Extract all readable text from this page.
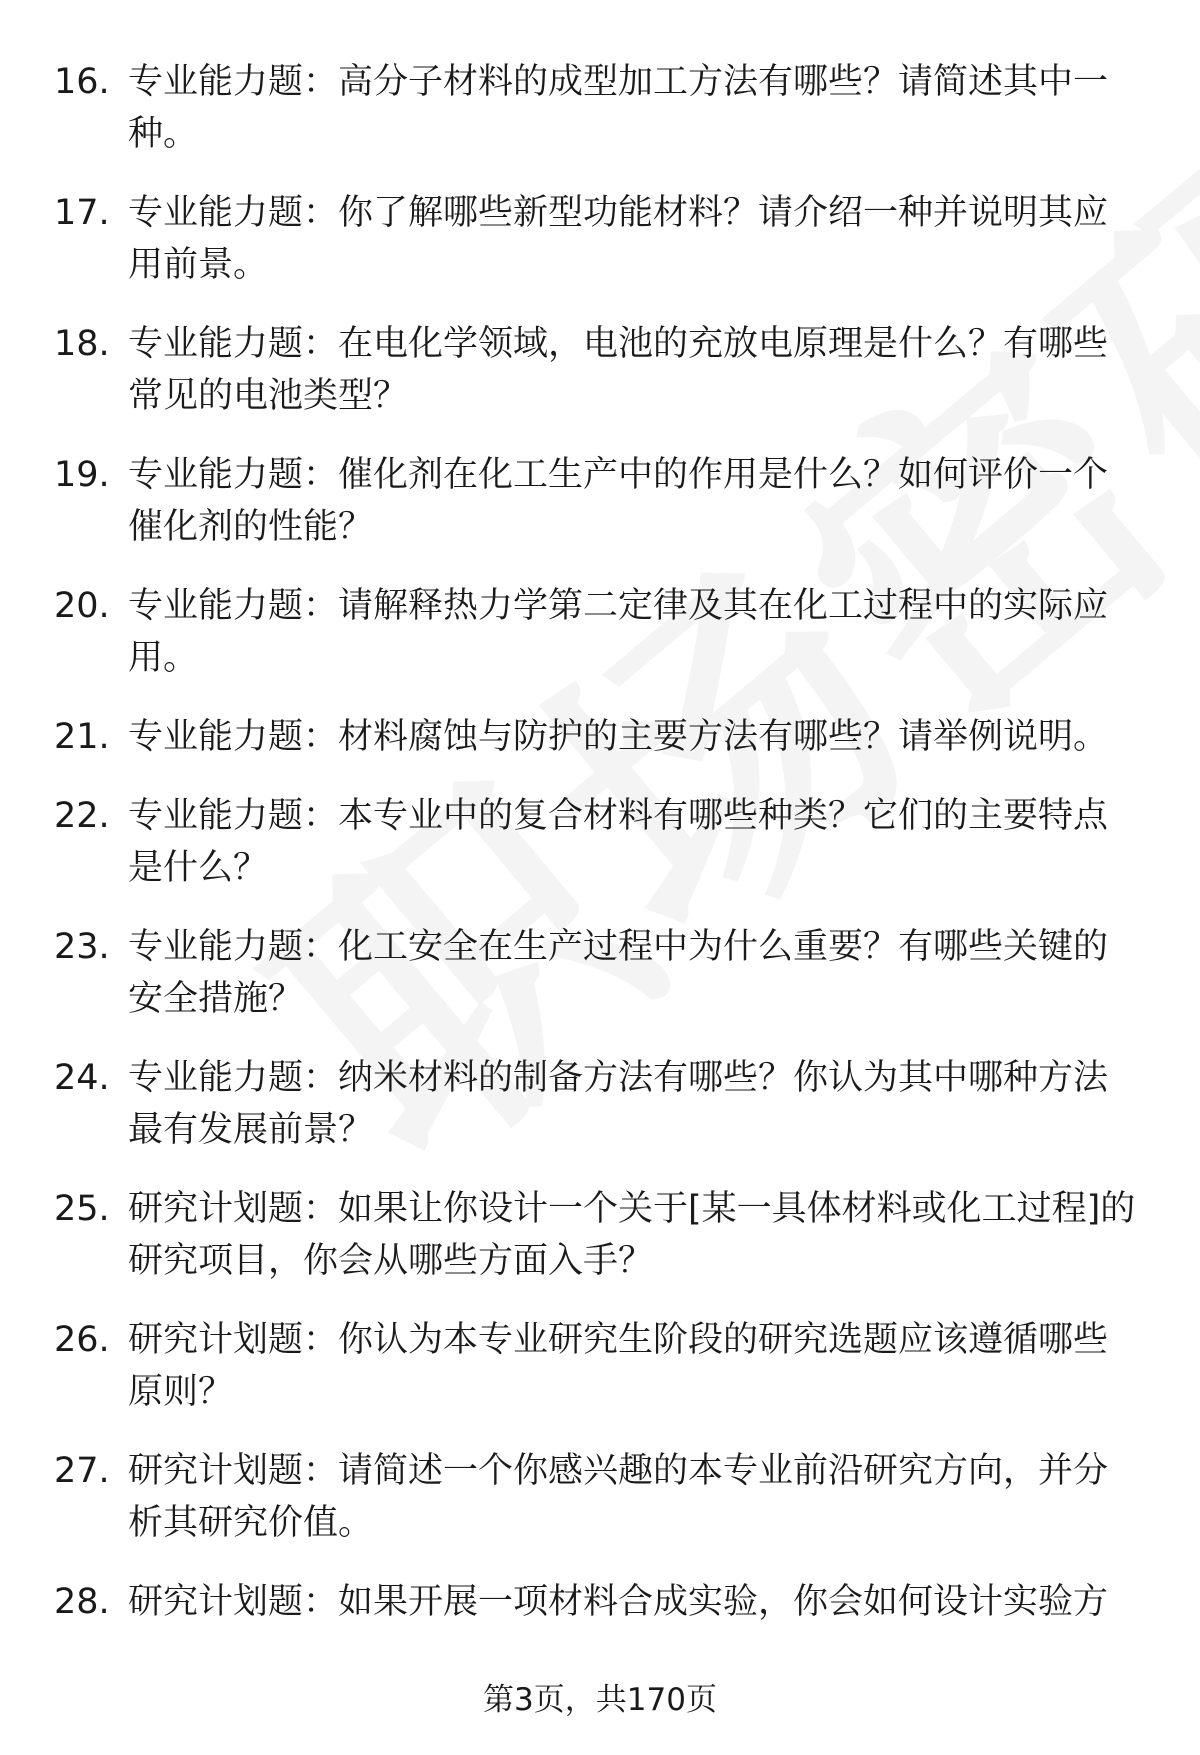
16. 专业能力题：高分子材料的成型加工方法有哪些？请简述其中一种。
17. 专业能力题：你了解哪些新型功能材料？请介绍一种并说明其应用前景。
18. 专业能力题：在电化学领域，电池的充放电原理是什么？有哪些常见的电池类型？
19. 专业能力题：催化剂在化工生产中的作用是什么？如何评价一个催化剂的性能？
20. 专业能力题：请解释热力学第二定律及其在化工过程中的实际应用。
21. 专业能力题：材料腐蚀与防护的主要方法有哪些？请举例说明。
22. 专业能力题：本专业中的复合材料有哪些种类？它们的主要特点是什么？
23. 专业能力题：化工安全在生产过程中为什么重要？有哪些关键的安全措施？
24. 专业能力题：纳米材料的制备方法有哪些？你认为其中哪种方法最有发展前景？
25. 研究计划题：如果让你设计一个关于[某一具体材料或化工过程]的研究项目，你会从哪些方面入手？
26. 研究计划题：你认为本专业研究生阶段的研究选题应该遵循哪些原则？
27. 研究计划题：请简述一个你感兴趣的本专业前沿研究方向，并分析其研究价值。
28. 研究计划题：如果开展一项材料合成实验，你会如何设计实验方
第3页，共170页
